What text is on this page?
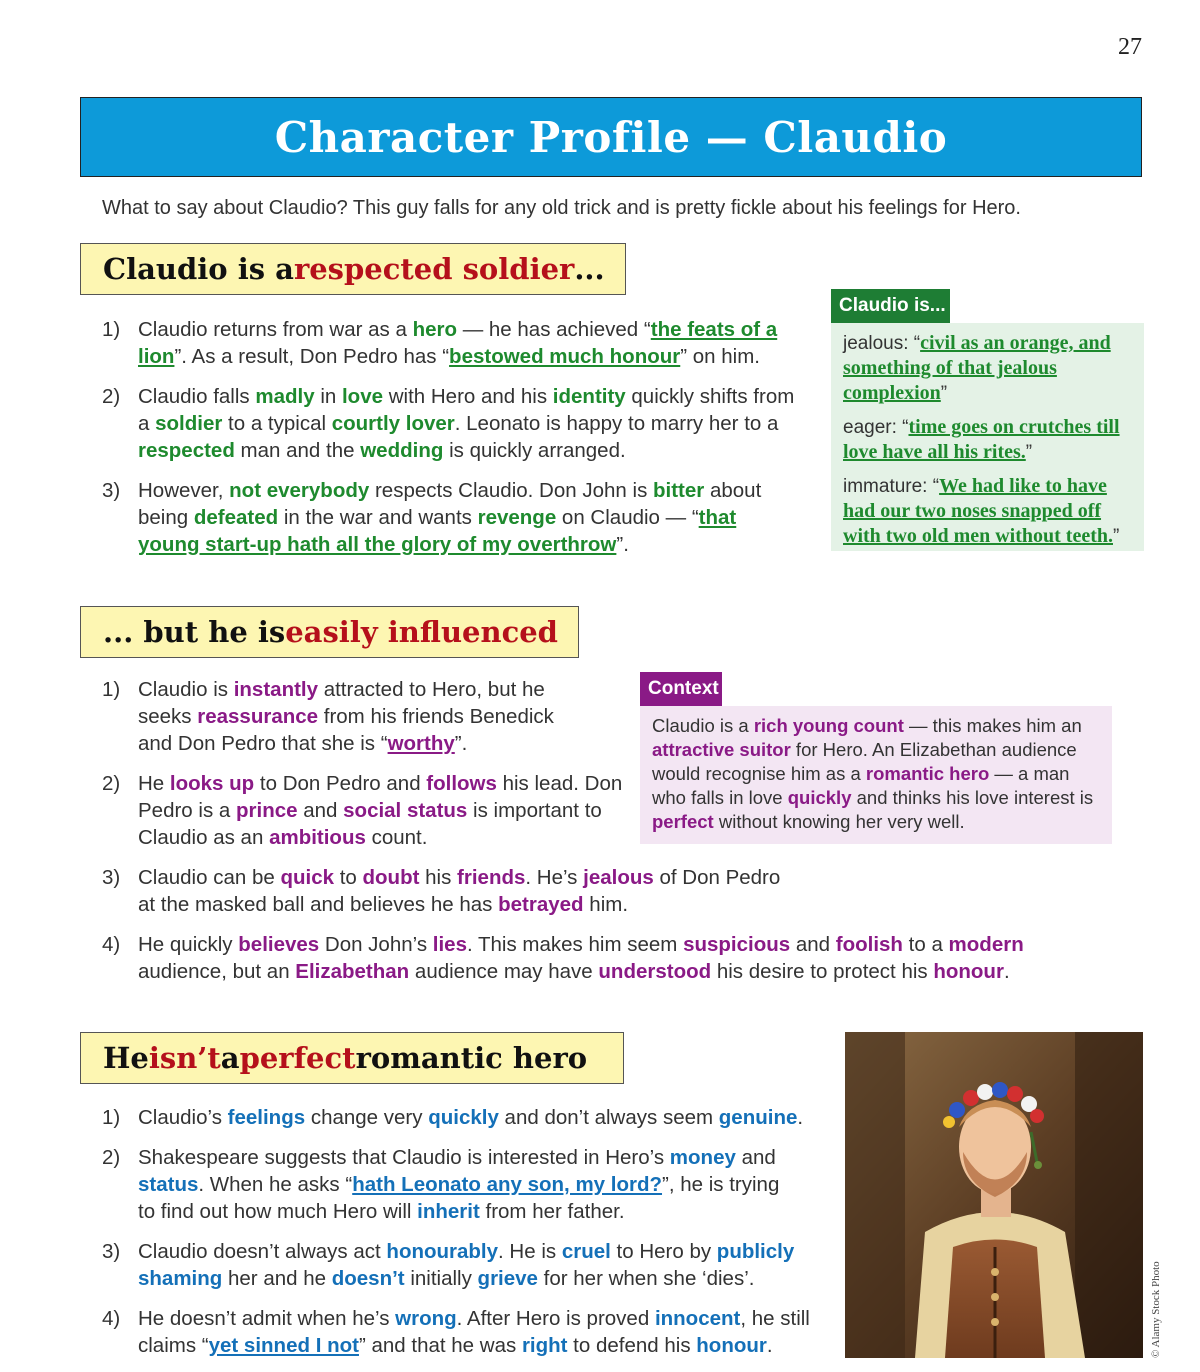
27
Character Profile — Claudio
What to say about Claudio? This guy falls for any old trick and is pretty fickle about his feelings for Hero.
Claudio is a respected soldier ...
1) Claudio returns from war as a hero — he has achieved “the feats of a lion”. As a result, Don Pedro has “bestowed much honour” on him.
2) Claudio falls madly in love with Hero and his identity quickly shifts from a soldier to a typical courtly lover. Leonato is happy to marry her to a respected man and the wedding is quickly arranged.
3) However, not everybody respects Claudio. Don John is bitter about being defeated in the war and wants revenge on Claudio — “that young start-up hath all the glory of my overthrow”.
Claudio is...

jealous: “civil as an orange, and something of that jealous complexion”

eager: “time goes on crutches till love have all his rites.”

immature: “We had like to have had our two noses snapped off with two old men without teeth.”

... but he is easily influenced
1) Claudio is instantly attracted to Hero, but he seeks reassurance from his friends Benedick and Don Pedro that she is “worthy”.
2) He looks up to Don Pedro and follows his lead. Don Pedro is a prince and social status is important to Claudio as an ambitious count.
3) Claudio can be quick to doubt his friends. He’s jealous of Don Pedro at the masked ball and believes he has betrayed him.
4) He quickly believes Don John’s lies. This makes him seem suspicious and foolish to a modern audience, but an Elizabethan audience may have understood his desire to protect his honour.
Context
Claudio is a rich young count — this makes him an attractive suitor for Hero. An Elizabethan audience would recognise him as a romantic hero — a man who falls in love quickly and thinks his love interest is perfect without knowing her very well.
He isn’t a perfect romantic hero
1) Claudio’s feelings change very quickly and don’t always seem genuine.
2) Shakespeare suggests that Claudio is interested in Hero’s money and status. When he asks “hath Leonato any son, my lord?”, he is trying to find out how much Hero will inherit from her father.
3) Claudio doesn’t always act honourably. He is cruel to Hero by publicly shaming her and he doesn’t initially grieve for her when she ‘dies’.
4) He doesn’t admit when he’s wrong. After Hero is proved innocent, he still claims “yet sinned I not” and that he was right to defend his honour.	© Alamy Stock Photo
